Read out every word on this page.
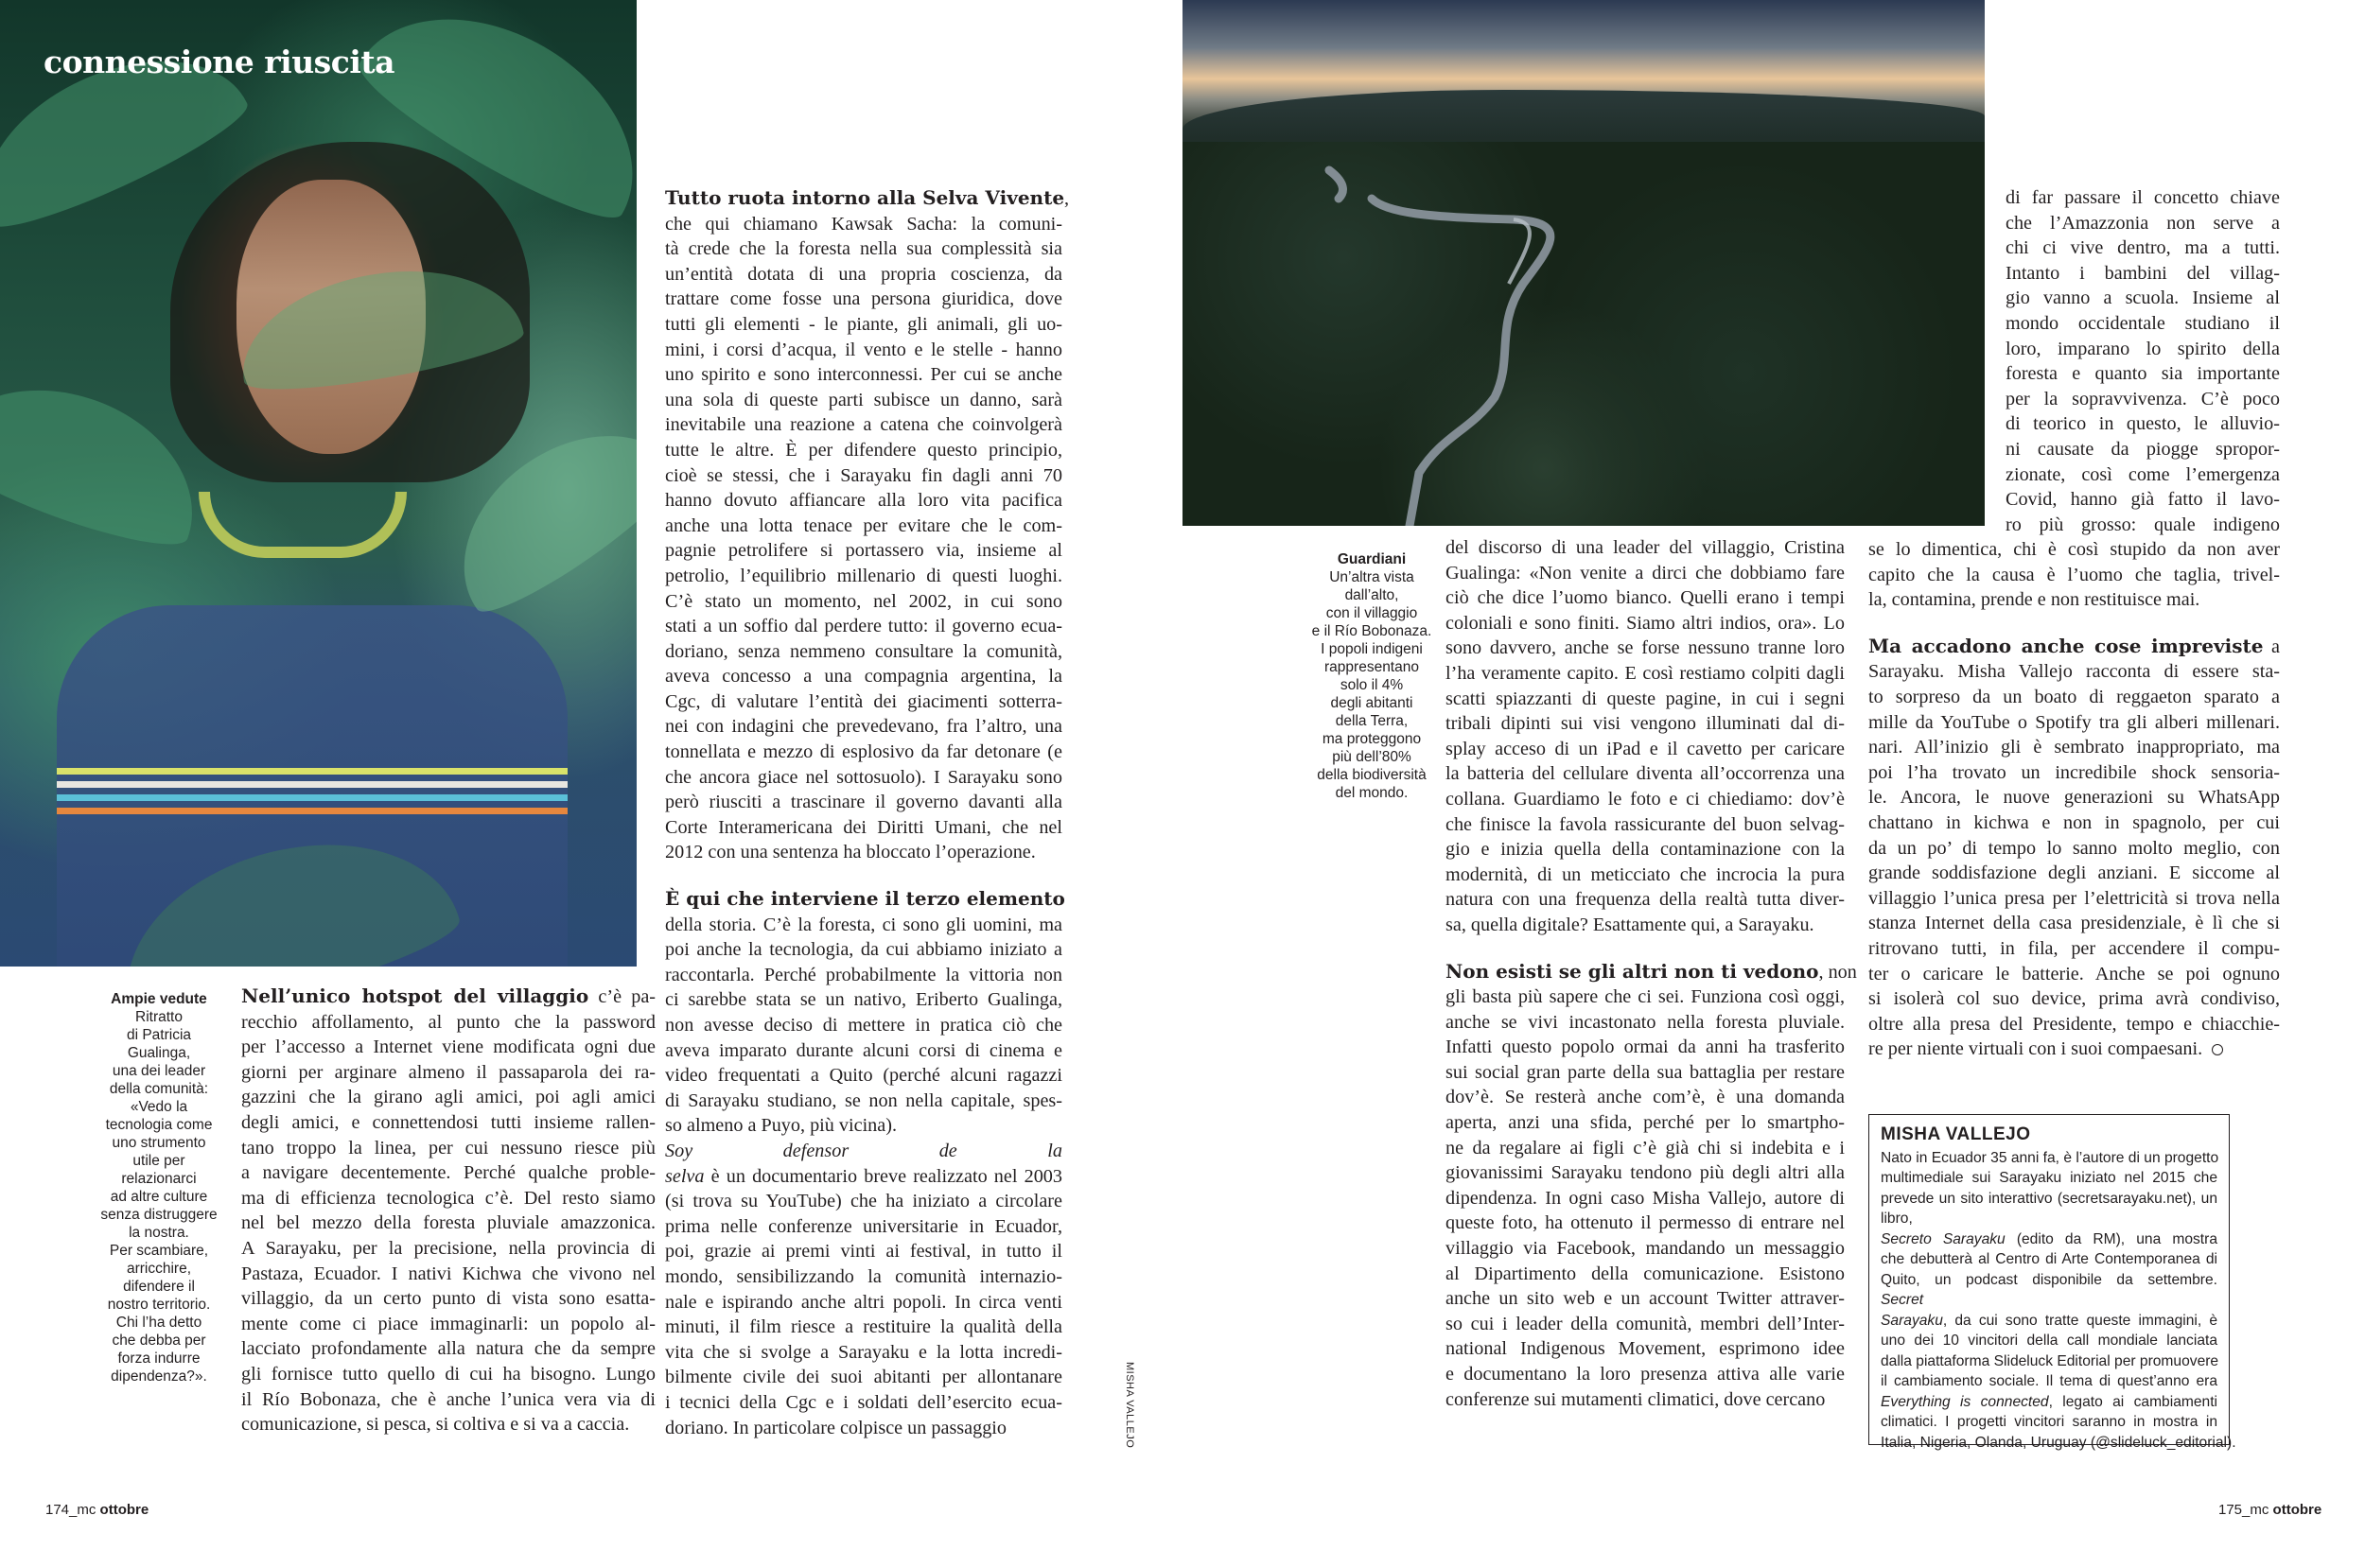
connessione riuscita
Ampie vedute
Ritratto
di Patricia
Gualinga,
una dei leader
della comunità:
«Vedo la
tecnologia come
uno strumento
utile per
relazionarci
ad altre culture
senza distruggere
la nostra.
Per scambiare,
arricchire,
difendere il
nostro territorio.
Chi l’ha detto
che debba per
forza indurre
dipendenza?».
Guardiani
Un’altra vista
dall’alto,
con il villaggio
e il Río Bobonaza.
I popoli indigeni
rappresentano
solo il 4%
degli abitanti
della Terra,
ma proteggono
più dell’80%
della biodiversità
del mondo.
Nell’unico hotspot del villaggio c’è pa-
recchio affollamento, al punto che la password
per l’accesso a Internet viene modificata ogni due
giorni per arginare almeno il passaparola dei ra-
gazzini che la girano agli amici, poi agli amici
degli amici, e connettendosi tutti insieme rallen-
tano troppo la linea, per cui nessuno riesce più
a navigare decentemente. Perché qualche proble-
ma di efficienza tecnologica c’è. Del resto siamo
nel bel mezzo della foresta pluviale amazzonica.
A Sarayaku, per la precisione, nella provincia di
Pastaza, Ecuador. I nativi Kichwa che vivono nel
villaggio, da un certo punto di vista sono esatta-
mente come ci piace immaginarli: un popolo al-
lacciato profondamente alla natura che da sempre
gli fornisce tutto quello di cui ha bisogno. Lungo
il Río Bobonaza, che è anche l’unica vera via di
comunicazione, si pesca, si coltiva e si va a caccia.
Tutto ruota intorno alla Selva Vivente,
che qui chiamano Kawsak Sacha: la comuni-
tà crede che la foresta nella sua complessità sia
un’entità dotata di una propria coscienza, da
trattare come fosse una persona giuridica, dove
tutti gli elementi - le piante, gli animali, gli uo-
mini, i corsi d’acqua, il vento e le stelle - hanno
uno spirito e sono interconnessi. Per cui se anche
una sola di queste parti subisce un danno, sarà
inevitabile una reazione a catena che coinvolgerà
tutte le altre. È per difendere questo principio,
cioè se stessi, che i Sarayaku fin dagli anni 70
hanno dovuto affiancare alla loro vita pacifica
anche una lotta tenace per evitare che le com-
pagnie petrolifere si portassero via, insieme al
petrolio, l’equilibrio millenario di questi luoghi.
C’è stato un momento, nel 2002, in cui sono
stati a un soffio dal perdere tutto: il governo ecua-
doriano, senza nemmeno consultare la comunità,
aveva concesso a una compagnia argentina, la
Cgc, di valutare l’entità dei giacimenti sotterra-
nei con indagini che prevedevano, fra l’altro, una
tonnellata e mezzo di esplosivo da far detonare (e
che ancora giace nel sottosuolo). I Sarayaku sono
però riusciti a trascinare il governo davanti alla
Corte Interamericana dei Diritti Umani, che nel
2012 con una sentenza ha bloccato l’operazione.
È qui che interviene il terzo elemento
della storia. C’è la foresta, ci sono gli uomini, ma
poi anche la tecnologia, da cui abbiamo iniziato a
raccontarla. Perché probabilmente la vittoria non
ci sarebbe stata se un nativo, Eriberto Gualinga,
non avesse deciso di mettere in pratica ciò che
aveva imparato durante alcuni corsi di cinema e
video frequentati a Quito (perché alcuni ragazzi
di Sarayaku studiano, se non nella capitale, spes-
so almeno a Puyo, più vicina).
Soy defensor de la
selva è un documentario breve realizzato nel 2003
(si trova su YouTube) che ha iniziato a circolare
prima nelle conferenze universitarie in Ecuador,
poi, grazie ai premi vinti ai festival, in tutto il
mondo, sensibilizzando la comunità internazio-
nale e ispirando anche altri popoli. In circa venti
minuti, il film riesce a restituire la qualità della
vita che si svolge a Sarayaku e la lotta incredi-
bilmente civile dei suoi abitanti per allontanare
i tecnici della Cgc e i soldati dell’esercito ecua-
doriano. In particolare colpisce un passaggio
del discorso di una leader del villaggio, Cristina
Gualinga: «Non venite a dirci che dobbiamo fare
ciò che dice l’uomo bianco. Quelli erano i tempi
coloniali e sono finiti. Siamo altri indios, ora». Lo
sono davvero, anche se forse nessuno tranne loro
l’ha veramente capito. E così restiamo colpiti dagli
scatti spiazzanti di queste pagine, in cui i segni
tribali dipinti sui visi vengono illuminati dal di-
splay acceso di un iPad e il cavetto per caricare
la batteria del cellulare diventa all’occorrenza una
collana. Guardiamo le foto e ci chiediamo: dov’è
che finisce la favola rassicurante del buon selvag-
gio e inizia quella della contaminazione con la
modernità, di un meticciato che incrocia la pura
natura con una frequenza della realtà tutta diver-
sa, quella digitale? Esattamente qui, a Sarayaku.
Non esisti se gli altri non ti vedono, non
gli basta più sapere che ci sei. Funziona così oggi,
anche se vivi incastonato nella foresta pluviale.
Infatti questo popolo ormai da anni ha trasferito
sui social gran parte della sua battaglia per restare
dov’è. Se resterà anche com’è, è una domanda
aperta, anzi una sfida, perché per lo smartpho-
ne da regalare ai figli c’è già chi si indebita e i
giovanissimi Sarayaku tendono più degli altri alla
dipendenza. In ogni caso Misha Vallejo, autore di
queste foto, ha ottenuto il permesso di entrare nel
villaggio via Facebook, mandando un messaggio
al Dipartimento della comunicazione. Esistono
anche un sito web e un account Twitter attraver-
so cui i leader della comunità, membri dell’Inter-
national Indigenous Movement, esprimono idee
e documentano la loro presenza attiva alle varie
conferenze sui mutamenti climatici, dove cercano
di far passare il concetto chiave
che l’Amazzonia non serve a
chi ci vive dentro, ma a tutti.
Intanto i bambini del villag-
gio vanno a scuola. Insieme al
mondo occidentale studiano il
loro, imparano lo spirito della
foresta e quanto sia importante
per la sopravvivenza. C’è poco
di teorico in questo, le alluvio-
ni causate da piogge spropor-
zionate, così come l’emergenza
Covid, hanno già fatto il lavo-
ro più grosso: quale indigeno
se lo dimentica, chi è così stupido da non aver
capito che la causa è l’uomo che taglia, trivel-
la, contamina, prende e non restituisce mai.
Ma accadono anche cose impreviste a
Sarayaku. Misha Vallejo racconta di essere sta-
to sorpreso da un boato di reggaeton sparato a
mille da YouTube o Spotify tra gli alberi millenari.
nari. All’inizio gli è sembrato inappropriato, ma
poi l’ha trovato un incredibile shock sensoria-
le. Ancora, le nuove generazioni su WhatsApp
chattano in kichwa e non in spagnolo, per cui
da un po’ di tempo lo sanno molto meglio, con
grande soddisfazione degli anziani. E siccome al
villaggio l’unica presa per l’elettricità si trova nella
stanza Internet della casa presidenziale, è lì che si
ritrovano tutti, in fila, per accendere il compu-
ter o caricare le batterie. Anche se poi ognuno
si isolerà col suo device, prima avrà condiviso,
oltre alla presa del Presidente, tempo e chiacchie-
re per niente virtuali con i suoi compaesani.
MISHA VALLEJO
MISHA VALLEJO
Nato in Ecuador 35 anni fa, è l’autore di un progetto
multimediale sui Sarayaku iniziato nel 2015 che
prevede un sito interattivo (secretsarayaku.net), un
libro,
Secreto Sarayaku (edito da RM), una mostra
che debutterà al Centro di Arte Contemporanea di
Quito, un podcast disponibile da settembre.
Secret
Sarayaku, da cui sono tratte queste immagini, è
uno dei 10 vincitori della call mondiale lanciata
dalla piattaforma Slideluck Editorial per promuovere
il cambiamento sociale. Il tema di quest’anno era
Everything is connected, legato ai cambiamenti
climatici. I progetti vincitori saranno in mostra in
Italia, Nigeria, Olanda, Uruguay (@slideluck_editorial).
174_mc ottobre	175_mc ottobre
